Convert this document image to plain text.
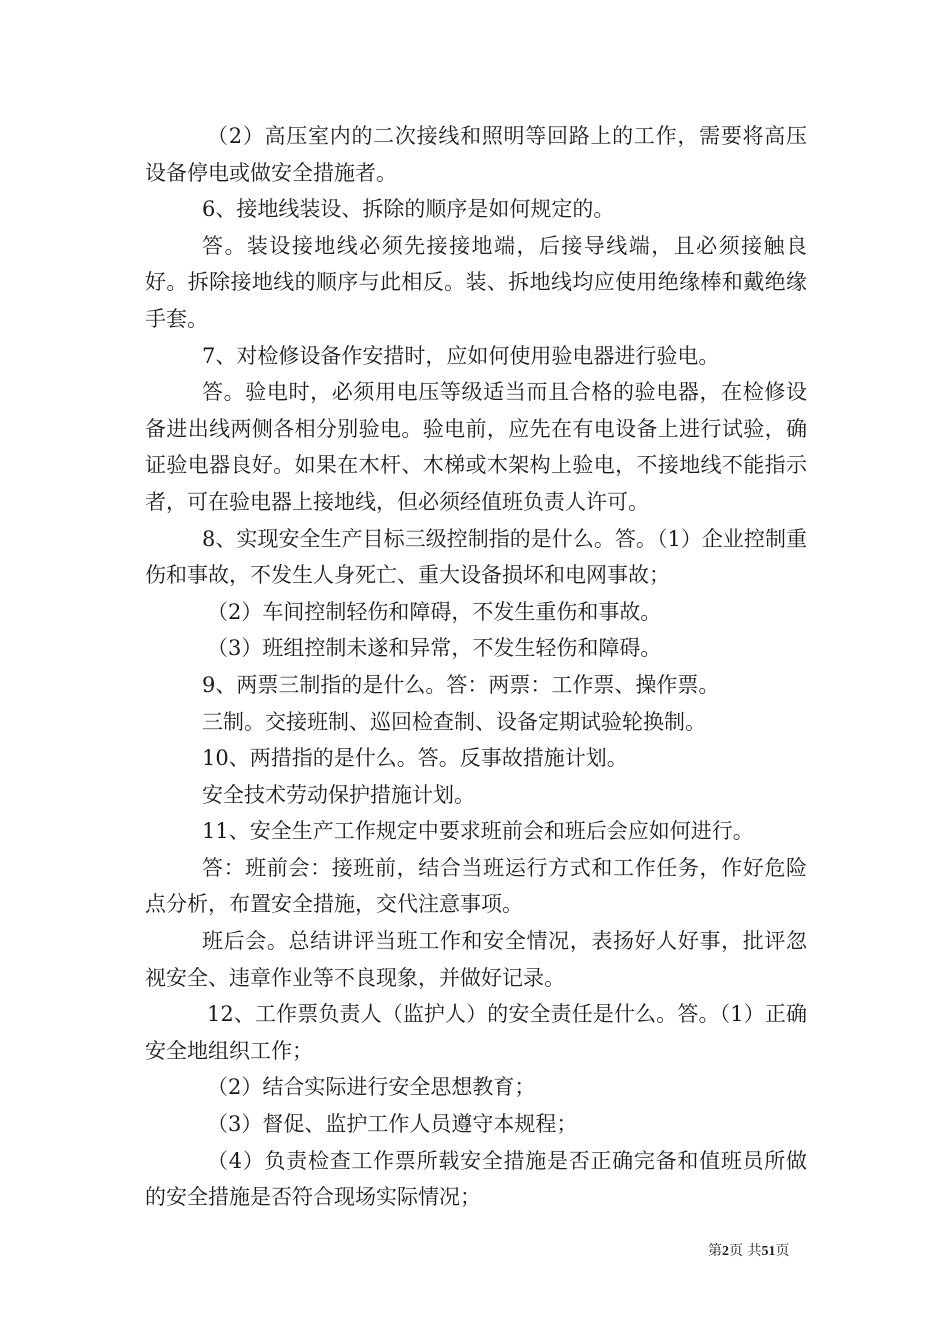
（2）高压室内的二次接线和照明等回路上的工作，需要将高压设备停电或做安全措施者。

6、接地线装设、拆除的顺序是如何规定的。

答。装设接地线必须先接接地端，后接导线端，且必须接触良好。拆除接地线的顺序与此相反。装、拆地线均应使用绝缘棒和戴绝缘手套。

7、对检修设备作安措时，应如何使用验电器进行验电。

答。验电时，必须用电压等级适当而且合格的验电器，在检修设备进出线两侧各相分别验电。验电前，应先在有电设备上进行试验，确证验电器良好。如果在木杆、木梯或木架构上验电，不接地线不能指示者，可在验电器上接地线，但必须经值班负责人许可。

8、实现安全生产目标三级控制指的是什么。答。（1）企业控制重伤和事故，不发生人身死亡、重大设备损坏和电网事故；

（2）车间控制轻伤和障碍，不发生重伤和事故。

（3）班组控制未遂和异常，不发生轻伤和障碍。

9、两票三制指的是什么。答：两票：工作票、操作票。

三制。交接班制、巡回检查制、设备定期试验轮换制。

10、两措指的是什么。答。反事故措施计划。

安全技术劳动保护措施计划。

11、安全生产工作规定中要求班前会和班后会应如何进行。

答：班前会：接班前，结合当班运行方式和工作任务，作好危险点分析，布置安全措施，交代注意事项。

班后会。总结讲评当班工作和安全情况，表扬好人好事，批评忽视安全、违章作业等不良现象，并做好记录。

12、工作票负责人（监护人）的安全责任是什么。答。（1）正确安全地组织工作；

（2）结合实际进行安全思想教育；

（3）督促、监护工作人员遵守本规程；

（4）负责检查工作票所载安全措施是否正确完备和值班员所做的安全措施是否符合现场实际情况；

第2页 共51页
